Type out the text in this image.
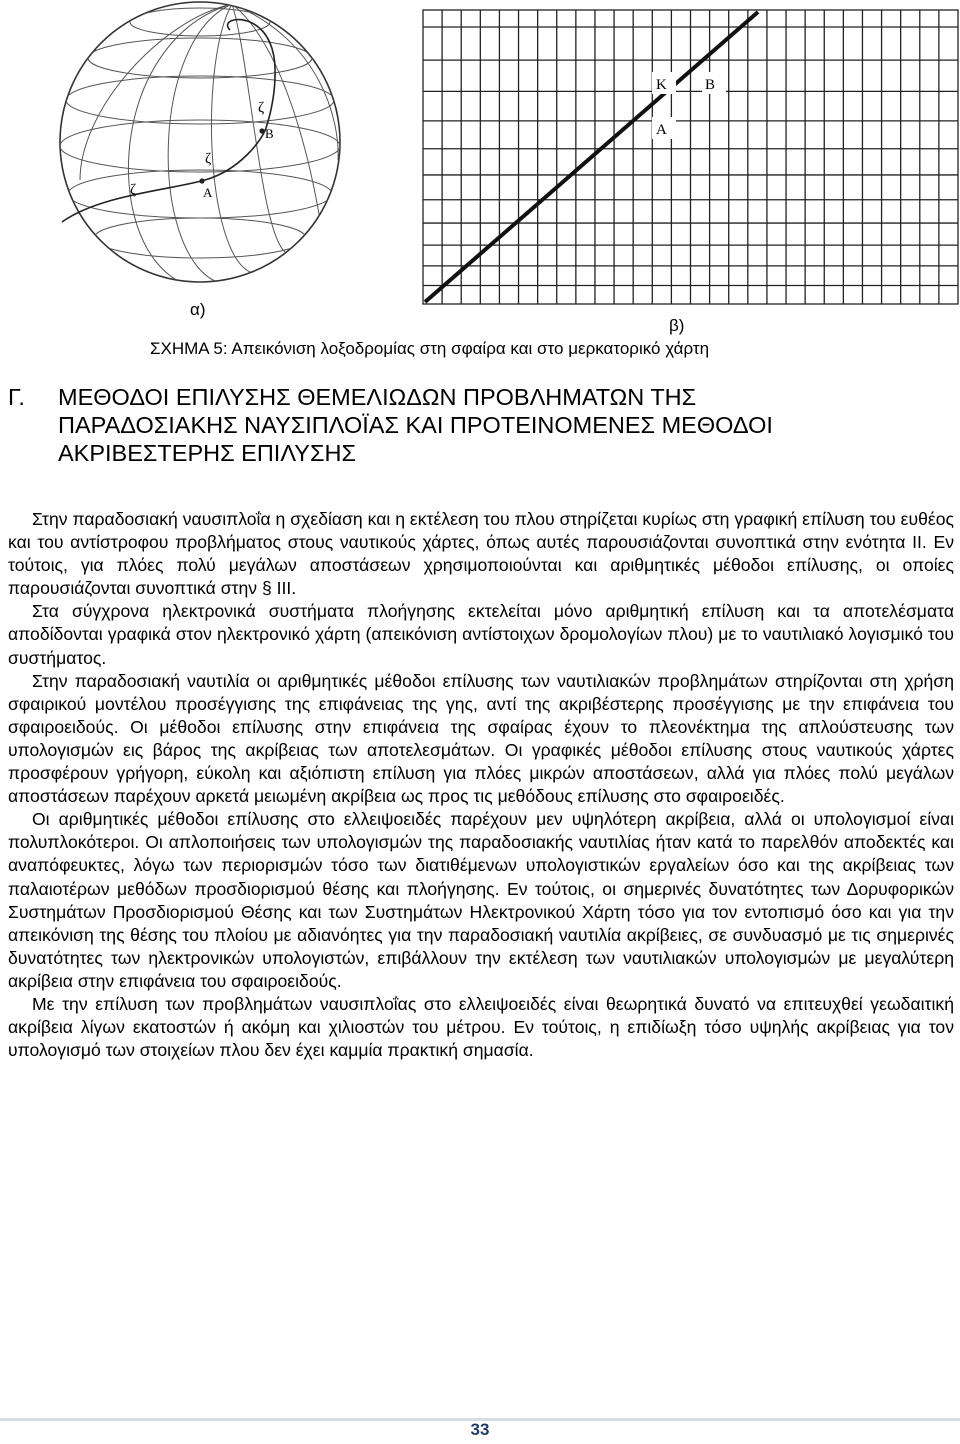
ζ
B
ζ
ζ	A
K	B
A
α)
β)
ΣΧΗΜΑ 5: Απεικόνιση λοξοδρομίας στη σφαίρα και στο μερκατορικό χάρτη
Γ. ΜΕΘΟΔΟΙ ΕΠΙΛΥΣΗΣ ΘΕΜΕΛΙΩΔΩΝ ΠΡΟΒΛΗΜΑΤΩΝ ΤΗΣ
ΠΑΡΑΔΟΣΙΑΚΗΣ ΝΑΥΣΙΠΛΟΪΑΣ ΚΑΙ ΠΡΟΤΕΙΝΟΜΕΝΕΣ ΜΕΘΟΔΟΙ
ΑΚΡΙΒΕΣΤΕΡΗΣ ΕΠΙΛΥΣΗΣ

Στην παραδοσιακή ναυσιπλοΐα η σχεδίαση και η εκτέλεση του πλου στηρίζεται κυρίως στη γραφική επίλυση του ευθέος και του αντίστροφου προβλήματος στους ναυτικούς χάρτες, όπως αυτές παρουσιάζονται συνοπτικά στην ενότητα ΙΙ. Εν τούτοις, για πλόες πολύ μεγάλων αποστάσεων χρησιμοποιούνται και αριθμητικές μέθοδοι επίλυσης, οι οποίες παρουσιάζονται συνοπτικά στην § ΙΙΙ.

Στα σύγχρονα ηλεκτρονικά συστήματα πλοήγησης εκτελείται μόνο αριθμητική επίλυση και τα αποτελέσματα αποδίδονται γραφικά στον ηλεκτρονικό χάρτη (απεικόνιση αντίστοιχων δρομολογίων πλου) με το ναυτιλιακό λογισμικό του συστήματος.

Στην παραδοσιακή ναυτιλία οι αριθμητικές μέθοδοι επίλυσης των ναυτιλιακών προβλημάτων στηρίζονται στη χρήση σφαιρικού μοντέλου προσέγγισης της επιφάνειας της γης, αντί της ακριβέστερης προσέγγισης με την επιφάνεια του σφαιροειδούς. Οι μέθοδοι επίλυσης στην επιφάνεια της σφαίρας έχουν το πλεονέκτημα της απλούστευσης των υπολογισμών εις βάρος της ακρίβειας των αποτελεσμάτων. Οι γραφικές μέθοδοι επίλυσης στους ναυτικούς χάρτες προσφέρουν γρήγορη, εύκολη και αξιόπιστη επίλυση για πλόες μικρών αποστάσεων, αλλά για πλόες πολύ μεγάλων αποστάσεων παρέχουν αρκετά μειωμένη ακρίβεια ως προς τις μεθόδους επίλυσης στο σφαιροειδές.

Οι αριθμητικές μέθοδοι επίλυσης στο ελλειψοειδές παρέχουν μεν υψηλότερη ακρίβεια, αλλά οι υπολογισμοί είναι πολυπλοκότεροι. Οι απλοποιήσεις των υπολογισμών της παραδοσιακής ναυτιλίας ήταν κατά το παρελθόν αποδεκτές και αναπόφευκτες, λόγω των περιορισμών τόσο των διατιθέμενων υπολογιστικών εργαλείων όσο και της ακρίβειας των παλαιοτέρων μεθόδων προσδιορισμού θέσης και πλοήγησης. Εν τούτοις, οι σημερινές δυνατότητες των Δορυφορικών Συστημάτων Προσδιορισμού Θέσης και των Συστημάτων Ηλεκτρονικού Χάρτη τόσο για τον εντοπισμό όσο και για την απεικόνιση της θέσης του πλοίου με αδιανόητες για την παραδοσιακή ναυτιλία ακρίβειες, σε συνδυασμό με τις σημερινές δυνατότητες των ηλεκτρονικών υπολογιστών, επιβάλλουν την εκτέλεση των ναυτιλιακών υπολογισμών με μεγαλύτερη ακρίβεια στην επιφάνεια του σφαιροειδούς.

Με την επίλυση των προβλημάτων ναυσιπλοΐας στο ελλειψοειδές είναι θεωρητικά δυνατό να επιτευχθεί γεωδαιτική ακρίβεια λίγων εκατοστών ή ακόμη και χιλιοστών του μέτρου. Εν τούτοις, η επιδίωξη τόσο υψηλής ακρίβειας για τον υπολογισμό των στοιχείων πλου δεν έχει καμμία πρακτική σημασία.

33
